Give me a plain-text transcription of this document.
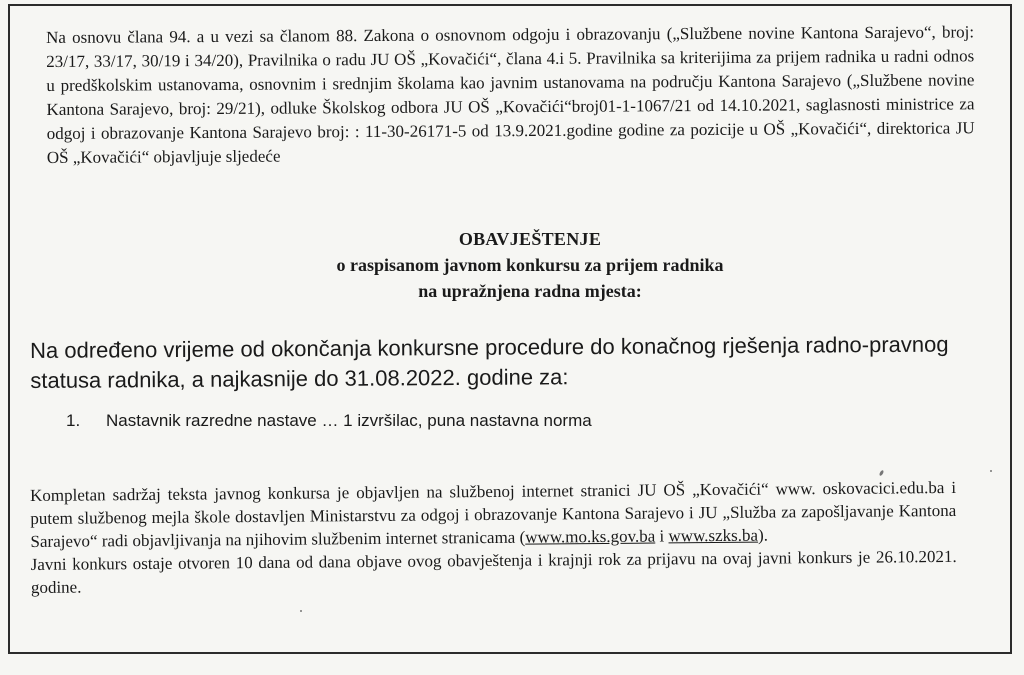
Na osnovu člana 94. a u vezi sa članom 88. Zakona o osnovnom odgoju i obrazovanju („Službene novine Kantona Sarajevo“, broj: 23/17, 33/17, 30/19 i 34/20), Pravilnika o radu JU OŠ „Kovačići“, člana 4.i 5. Pravilnika sa kriterijima za prijem radnika u radni odnos u predškolskim ustanovama, osnovnim i srednjim školama kao javnim ustanovama na području Kantona Sarajevo („Službene novine Kantona Sarajevo, broj: 29/21), odluke Školskog odbora JU OŠ „Kovačići“broj01-1-1067/21 od 14.10.2021, saglasnosti ministrice za odgoj i obrazovanje Kantona Sarajevo broj: : 11-30-26171-5 od 13.9.2021.godine godine za pozicije u OŠ „Kovačići“, direktorica JU OŠ „Kovačići“ objavljuje sljedeće
OBAVJEŠTENJE
o raspisanom javnom konkursu za prijem radnika
na upražnjena radna mjesta:
Na određeno vrijeme od okončanja konkursne procedure do konačnog rješenja radno-pravnog statusa radnika, a najkasnije do 31.08.2022. godine za:
1. Nastavnik razredne nastave … 1 izvršilac, puna nastavna norma

Kompletan sadržaj teksta javnog konkursa je objavljen na službenoj internet stranici JU OŠ „Kovačići“ www. oskovacici.edu.ba i putem službenog mejla škole dostavljen Ministarstvu za odgoj i obrazovanje Kantona Sarajevo i JU „Služba za zapošljavanje Kantona Sarajevo“ radi objavljivanja na njihovim službenim internet stranicama (www.mo.ks.gov.ba i www.szks.ba).

Javni konkurs ostaje otvoren 10 dana od dana objave ovog obavještenja i krajnji rok za prijavu na ovaj javni konkurs je 26.10.2021. godine.
